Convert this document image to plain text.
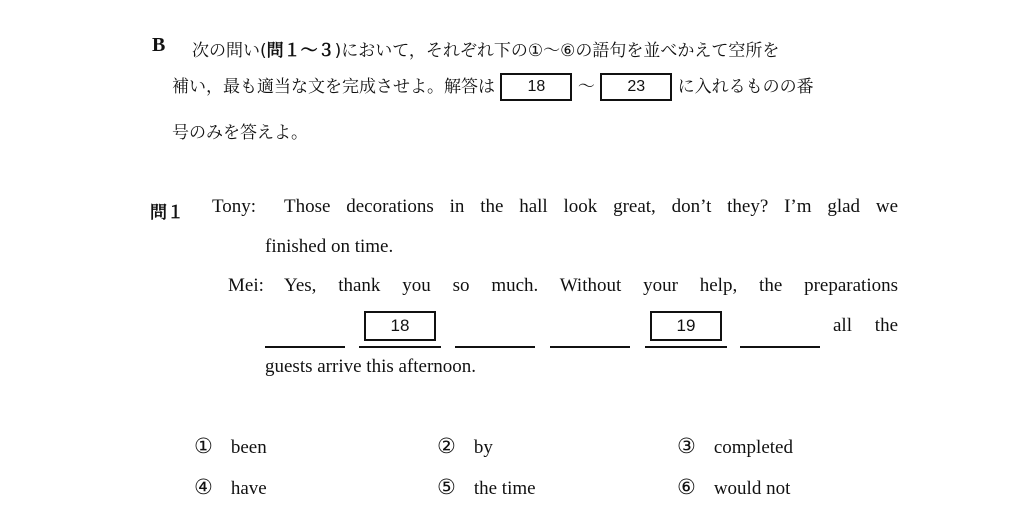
B 次の問い(問１～３)において，それぞれ下の①～⑥の語句を並べかえて空所を
補い，最も適当な文を完成させよ。解答は 18 ～ 23 に入れるものの番
号のみを答えよ。
問１ Tony: Those decorations in the hall look great, don’t they? I’m glad we
finished on time.
Mei: Yes, thank you so much. Without your help, the preparations
18	19	all the
guests arrive this afternoon.
① been	② by	③ completed
④ have	⑤ the time	⑥ would not
